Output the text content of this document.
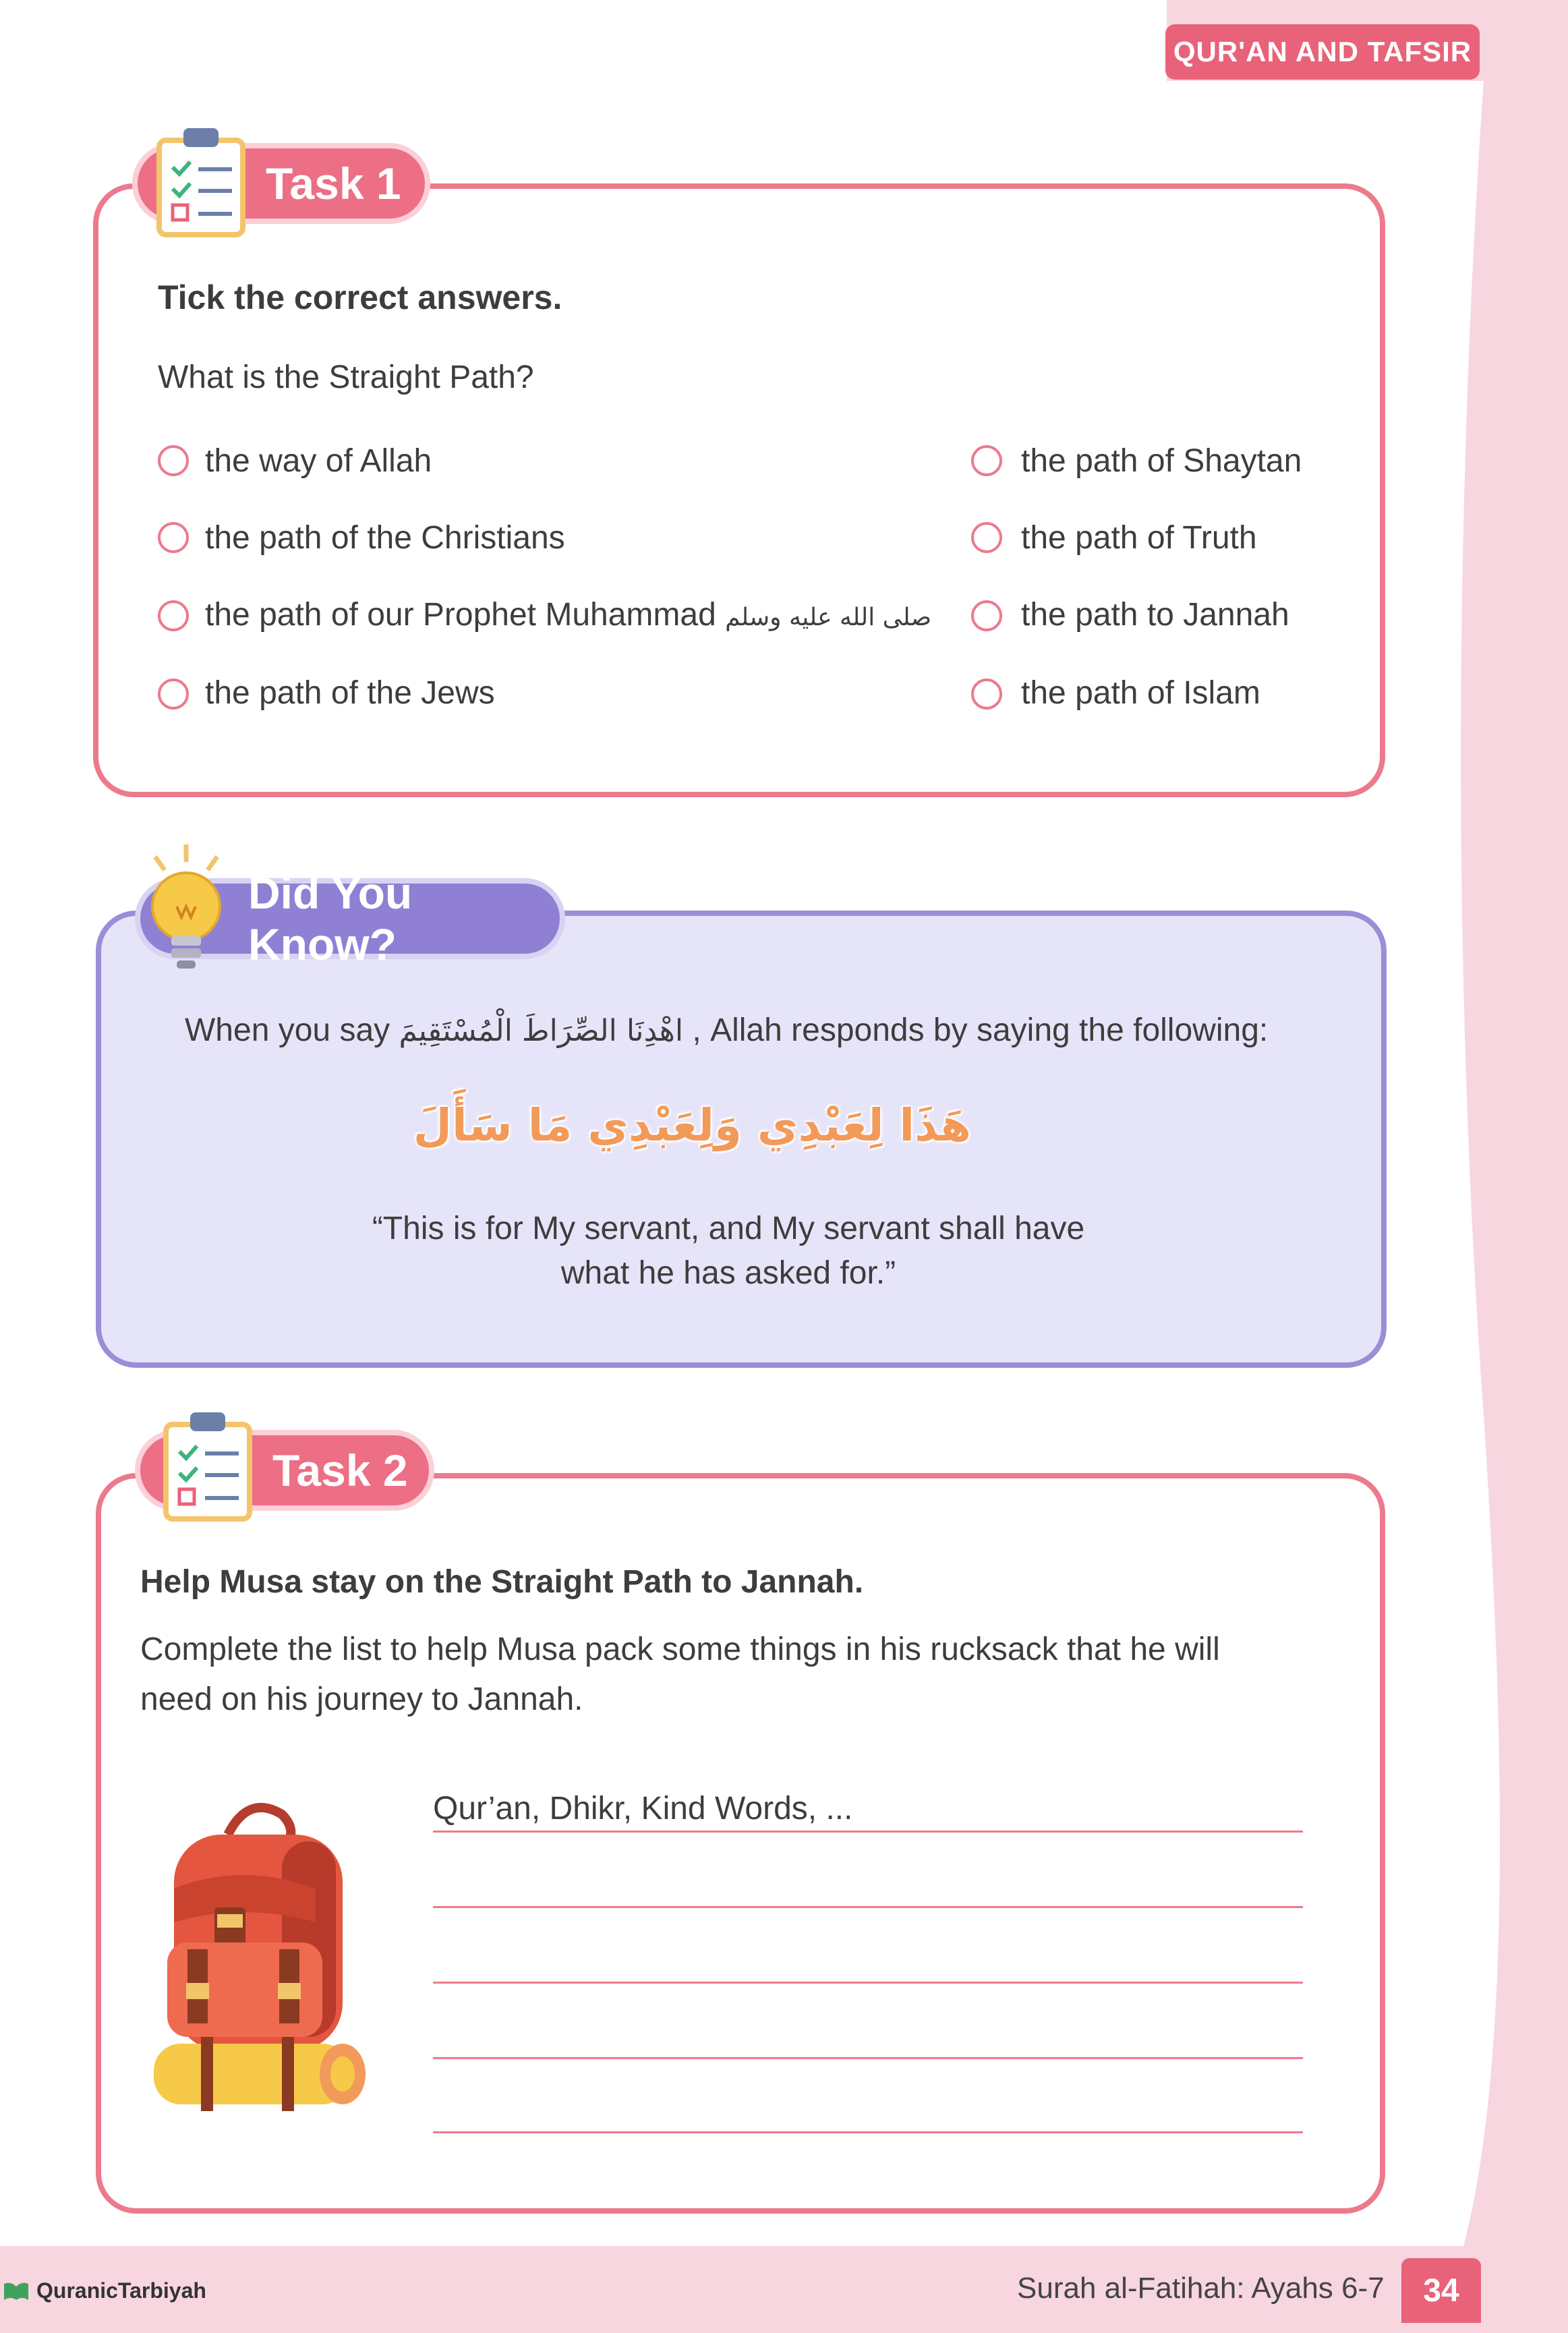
QUR'AN AND TAFSIR
Task 1
Tick the correct answers.
What is the Straight Path?
the way of Allah
the path of the Christians
the path of our Prophet Muhammad صلى الله عليه وسلم
the path of the Jews
the path of Shaytan
the path of Truth
the path to Jannah
the path of Islam
Did You Know?
When you say اهْدِنَا الصِّرَاطَ الْمُسْتَقِيمَ , Allah responds by saying the following:
هَذَا لِعَبْدِي وَلِعَبْدِي مَا سَأَلَ
“This is for My servant, and My servant shall have
what he has asked for.”
Task 2
Help Musa stay on the Straight Path to Jannah.
Complete the list to help Musa pack some things in his rucksack that he will
need on his journey to Jannah.
Qur’an, Dhikr, Kind Words, ...
QuranicTarbiyah	Surah al-Fatihah: Ayahs 6-7	34
